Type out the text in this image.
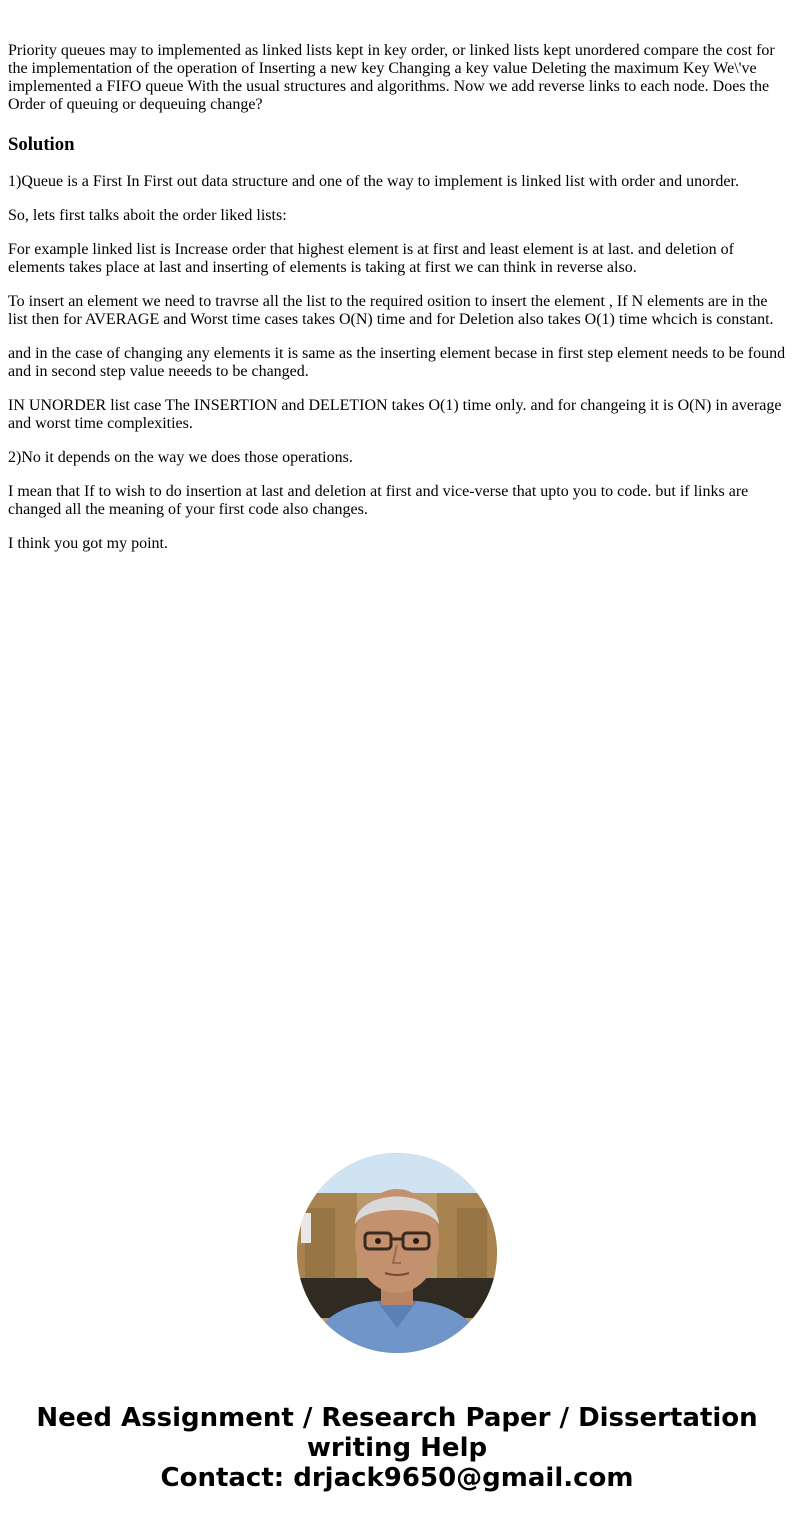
Priority queues may to implemented as linked lists kept in key order, or linked lists kept unordered compare the cost for the implementation of the operation of Inserting a new key Changing a key value Deleting the maximum Key We\'ve implemented a FIFO queue With the usual structures and algorithms. Now we add reverse links to each node. Does the Order of queuing or dequeuing change?

Solution

1)Queue is a First In First out data structure and one of the way to implement is linked list with order and unorder.

So, lets first talks aboit the order liked lists:

For example linked list is Increase order that highest element is at first and least element is at last. and deletion of elements takes place at last and inserting of elements is taking at first we can think in reverse also.

To insert an element we need to travrse all the list to the required osition to insert the element , If N elements are in the list then for AVERAGE and Worst time cases takes O(N) time and for Deletion also takes O(1) time whcich is constant.

and in the case of changing any elements it is same as the inserting element becase in first step element needs to be found and in second step value neeeds to be changed.

IN UNORDER list case The INSERTION and DELETION takes O(1) time only. and for changeing it is O(N) in average and worst time complexities.

2)No it depends on the way we does those operations.

I mean that If to wish to do insertion at last and deletion at first and vice-verse that upto you to code. but if links are changed all the meaning of your first code also changes.

I think you got my point.

Need Assignment / Research Paper / Dissertation
writing Help
Contact: drjack9650@gmail.com
